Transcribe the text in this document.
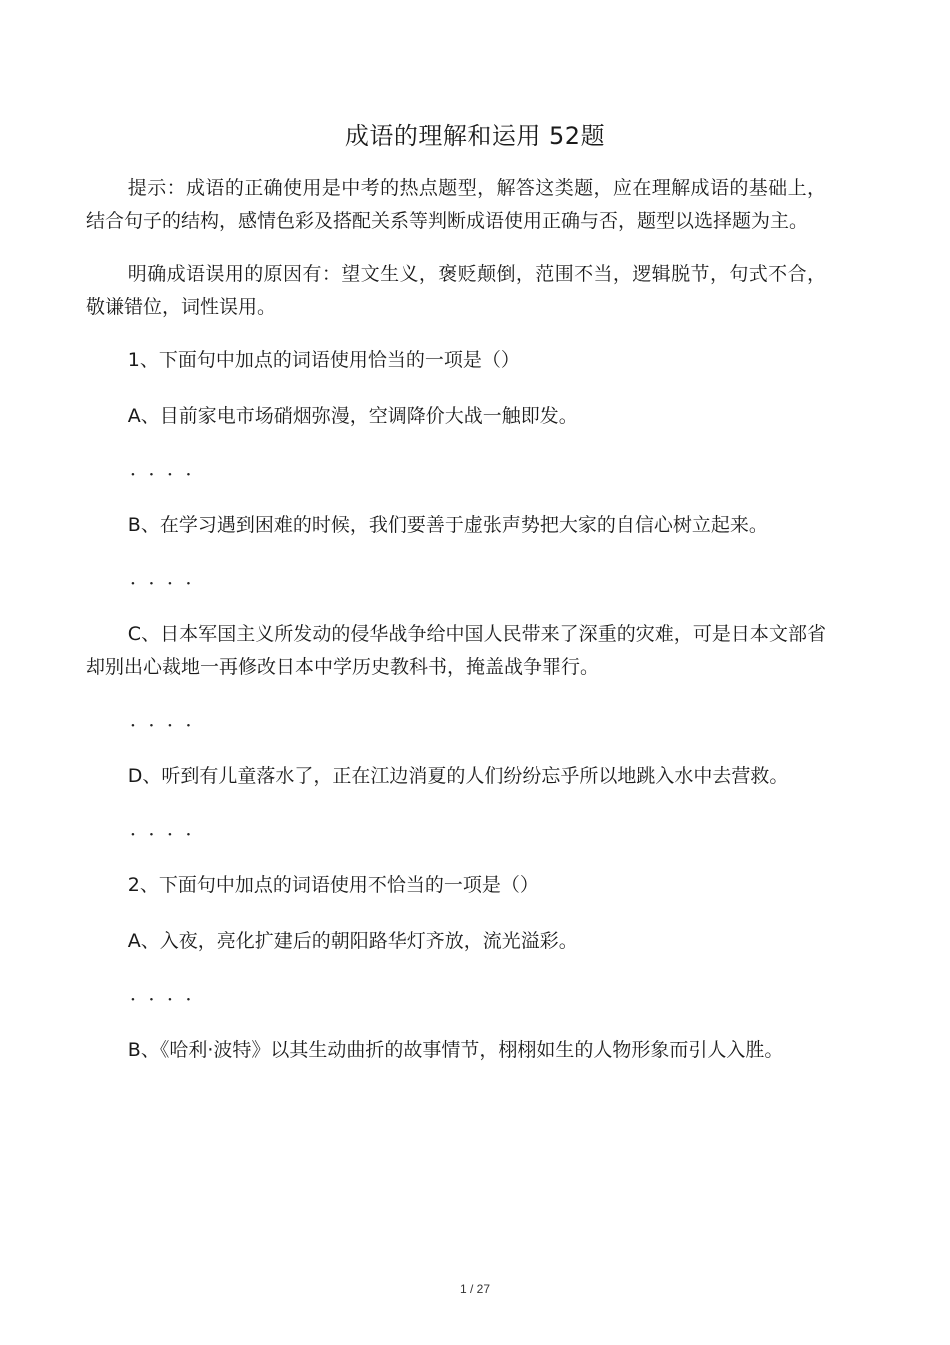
成语的理解和运用 52题

提示：成语的正确使用是中考的热点题型，解答这类题，应在理解成语的基础上，结合句子的结构，感情色彩及搭配关系等判断成语使用正确与否，题型以选择题为主。

明确成语误用的原因有：望文生义，褒贬颠倒，范围不当，逻辑脱节，句式不合，敬谦错位，词性误用。

1、下面句中加点的词语使用恰当的一项是（）

A、目前家电市场硝烟弥漫，空调降价大战一触即发。

．．．．

B、在学习遇到困难的时候，我们要善于虚张声势把大家的自信心树立起来。

．．．．

C、日本军国主义所发动的侵华战争给中国人民带来了深重的灾难，可是日本文部省却别出心裁地一再修改日本中学历史教科书，掩盖战争罪行。

．．．．

D、听到有儿童落水了，正在江边消夏的人们纷纷忘乎所以地跳入水中去营救。

．．．．

2、下面句中加点的词语使用不恰当的一项是（）

A、入夜，亮化扩建后的朝阳路华灯齐放，流光溢彩。

．．．．

B、《哈利·波特》以其生动曲折的故事情节，栩栩如生的人物形象而引人入胜。

1 / 27
